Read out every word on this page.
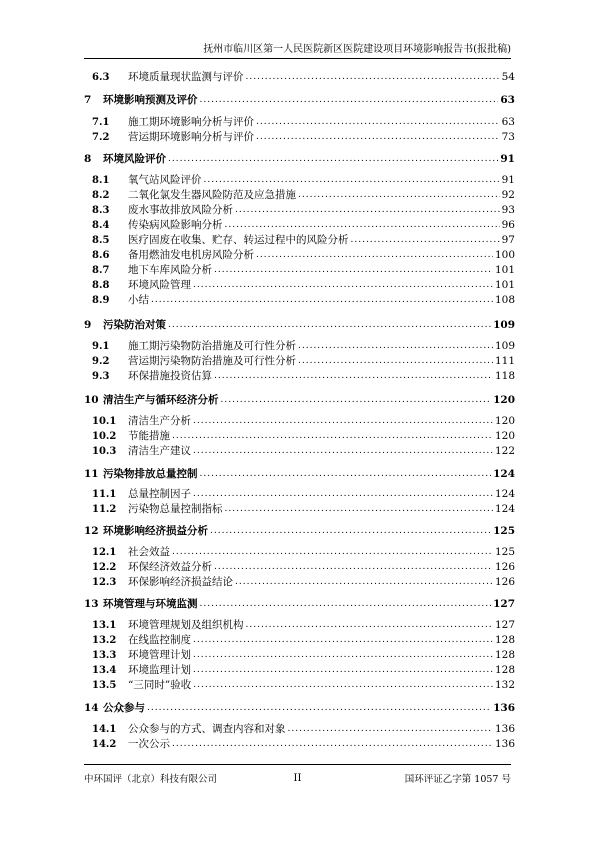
抚州市临川区第一人民医院新区医院建设项目环境影响报告书(报批稿)
6.3	环境质量现状监测与评价 .....	54
7	环境影响预测及评价 .....	63
7.1	施工期环境影响分析与评价 .....	63
7.2	营运期环境影响分析与评价 .....	73
8	环境风险评价 .....	91
8.1	氧气站风险评价 .....	91
8.2	二氧化氯发生器风险防范及应急措施 .....	92
8.3	废水事故排放风险分析 .....	93
8.4	传染病风险影响分析 .....	96
8.5	医疗固废在收集、贮存、转运过程中的风险分析 .....	97
8.6	备用燃油发电机房风险分析 .....	100
8.7	地下车库风险分析 .....	101
8.8	环境风险管理 .....	101
8.9	小结 .....	108
9	污染防治对策 .....	109
9.1	施工期污染物防治措施及可行性分析 .....	109
9.2	营运期污染物防治措施及可行性分析 .....	111
9.3	环保措施投资估算 .....	118
10 清洁生产与循环经济分析 .....	120
10.1	清洁生产分析 .....	120
10.2	节能措施 .....	120
10.3	清洁生产建议 .....	122
11 污染物排放总量控制 .....	124
11.1	总量控制因子 .....	124
11.2	污染物总量控制指标 .....	124
12 环境影响经济损益分析 .....	125
12.1	社会效益 .....	125
12.2	环保经济效益分析 .....	126
12.3	环保影响经济损益结论 .....	126
13 环境管理与环境监测 .....	127
13.1	环境管理规划及组织机构 .....	127
13.2	在线监控制度 .....	128
13.3	环境管理计划 .....	128
13.4	环境监理计划 .....	128
13.5	“三同时”验收 .....	132
14 公众参与 .....	136
14.1	公众参与的方式、调查内容和对象 .....	136
14.2	一次公示 .....	136
中环国评（北京）科技有限公司	II	国环评证乙字第 1057 号
